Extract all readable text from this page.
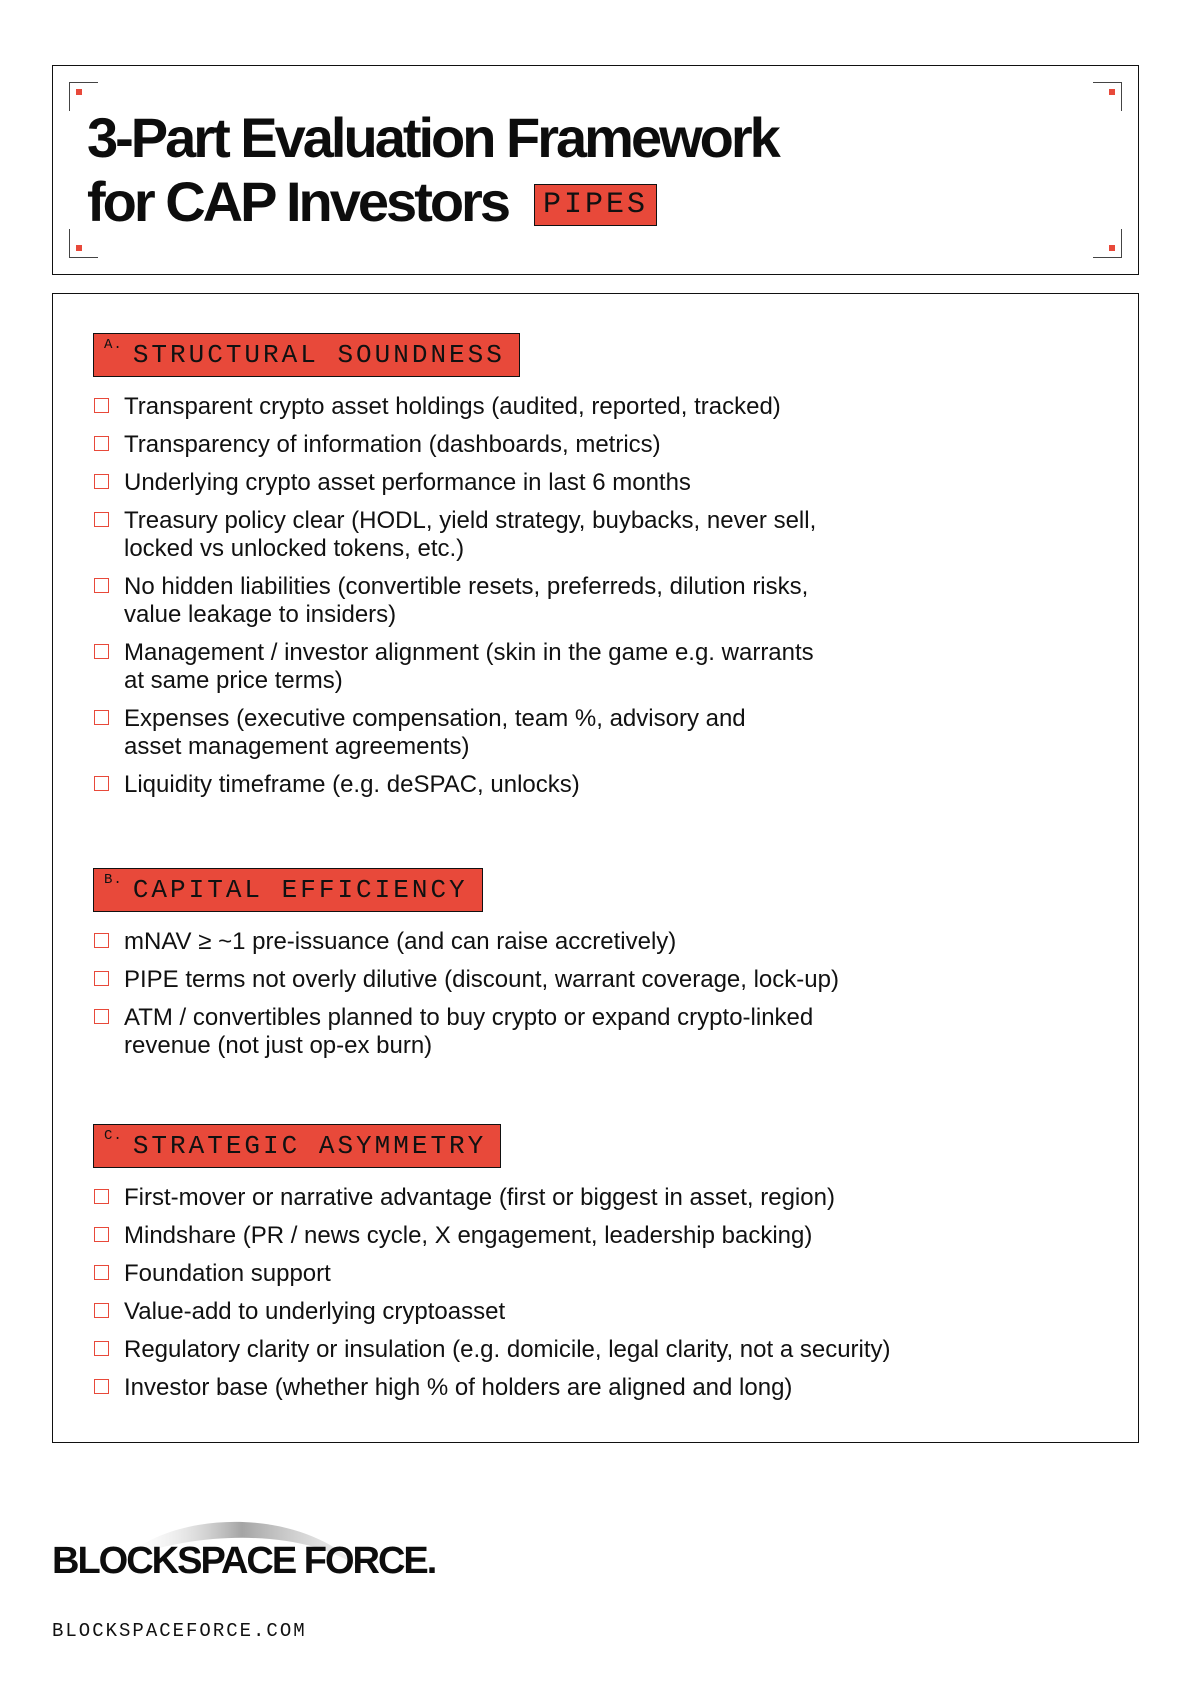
3-Part Evaluation Framework
for CAP Investors PIPES
A. STRUCTURAL SOUNDNESS
Transparent crypto asset holdings (audited, reported, tracked)
Transparency of information (dashboards, metrics)
Underlying crypto asset performance in last 6 months
Treasury policy clear (HODL, yield strategy, buybacks, never sell,
locked vs unlocked tokens, etc.)
No hidden liabilities (convertible resets, preferreds, dilution risks,
value leakage to insiders)
Management / investor alignment (skin in the game e.g. warrants
at same price terms)
Expenses (executive compensation, team %, advisory and
asset management agreements)
Liquidity timeframe (e.g. deSPAC, unlocks)
B. CAPITAL EFFICIENCY
mNAV ≥ ~1 pre-issuance (and can raise accretively)
PIPE terms not overly dilutive (discount, warrant coverage, lock-up)
ATM / convertibles planned to buy crypto or expand crypto-linked
revenue (not just op-ex burn)
C. STRATEGIC ASYMMETRY
First-mover or narrative advantage (first or biggest in asset, region)
Mindshare (PR / news cycle, X engagement, leadership backing)
Foundation support
Value-add to underlying cryptoasset
Regulatory clarity or insulation (e.g. domicile, legal clarity, not a security)
Investor base (whether high % of holders are aligned and long)
BLOCKSPACE FORCE.
BLOCKSPACEFORCE.COM
